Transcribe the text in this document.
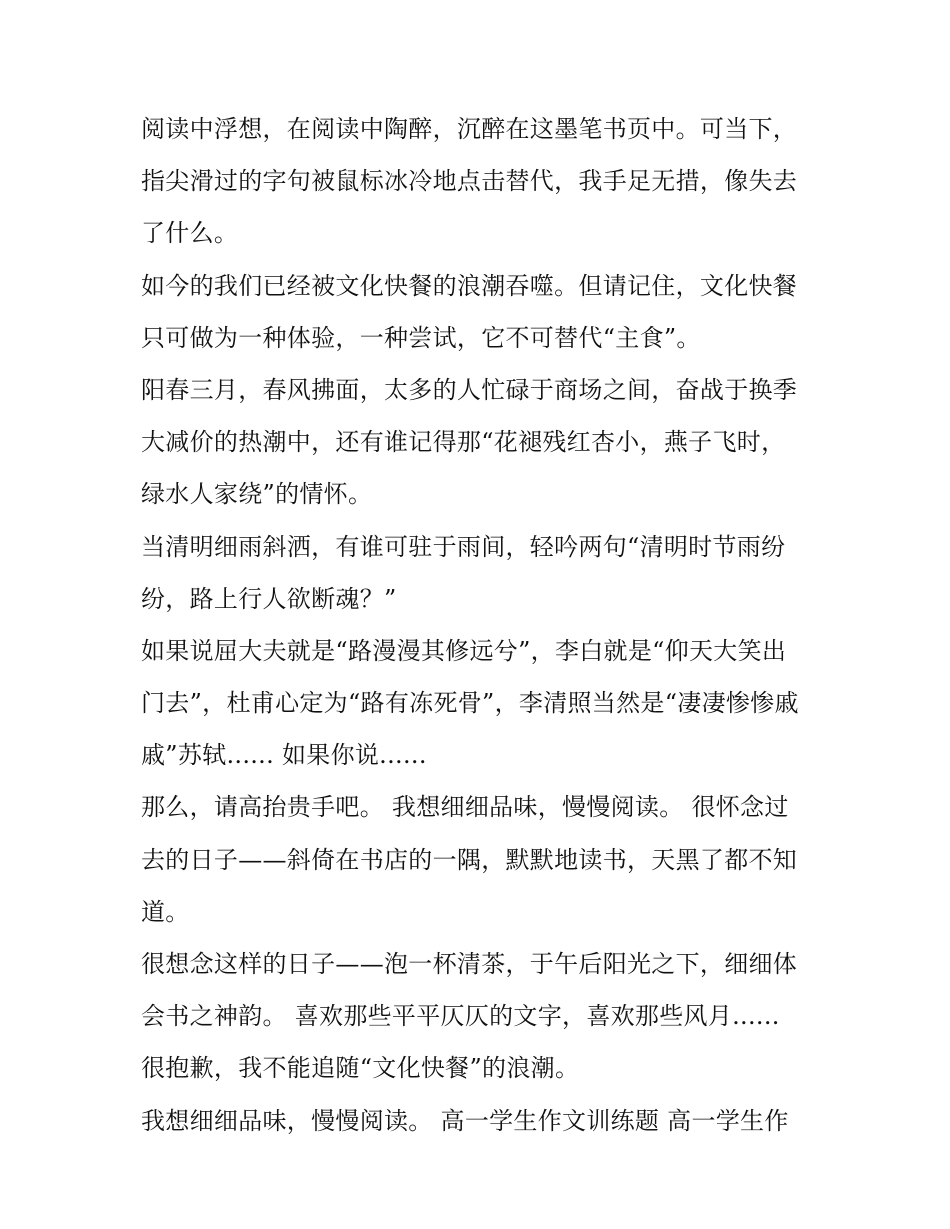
阅读中浮想，在阅读中陶醉，沉醉在这墨笔书页中。可当下，
指尖滑过的字句被鼠标冰冷地点击替代，我手足无措，像失去
了什么。
如今的我们已经被文化快餐的浪潮吞噬。但请记住，文化快餐
只可做为一种体验，一种尝试，它不可替代“主食”。
阳春三月，春风拂面，太多的人忙碌于商场之间，奋战于换季
大减价的热潮中，还有谁记得那“花褪残红杏小，燕子飞时，
绿水人家绕”的情怀。
当清明细雨斜洒，有谁可驻于雨间，轻吟两句“清明时节雨纷
纷，路上行人欲断魂？”
如果说屈大夫就是“路漫漫其修远兮”，李白就是“仰天大笑出
门去”，杜甫心定为“路有冻死骨”，李清照当然是“凄凄惨惨戚
戚”苏轼...... 如果你说......
那么，请高抬贵手吧。 我想细细品味，慢慢阅读。 很怀念过
去的日子——斜倚在书店的一隅，默默地读书，天黑了都不知
道。
很想念这样的日子——泡一杯清茶，于午后阳光之下，细细体
会书之神韵。 喜欢那些平平仄仄的文字，喜欢那些风月......
很抱歉，我不能追随“文化快餐”的浪潮。
我想细细品味，慢慢阅读。 高一学生作文训练题 高一学生作
